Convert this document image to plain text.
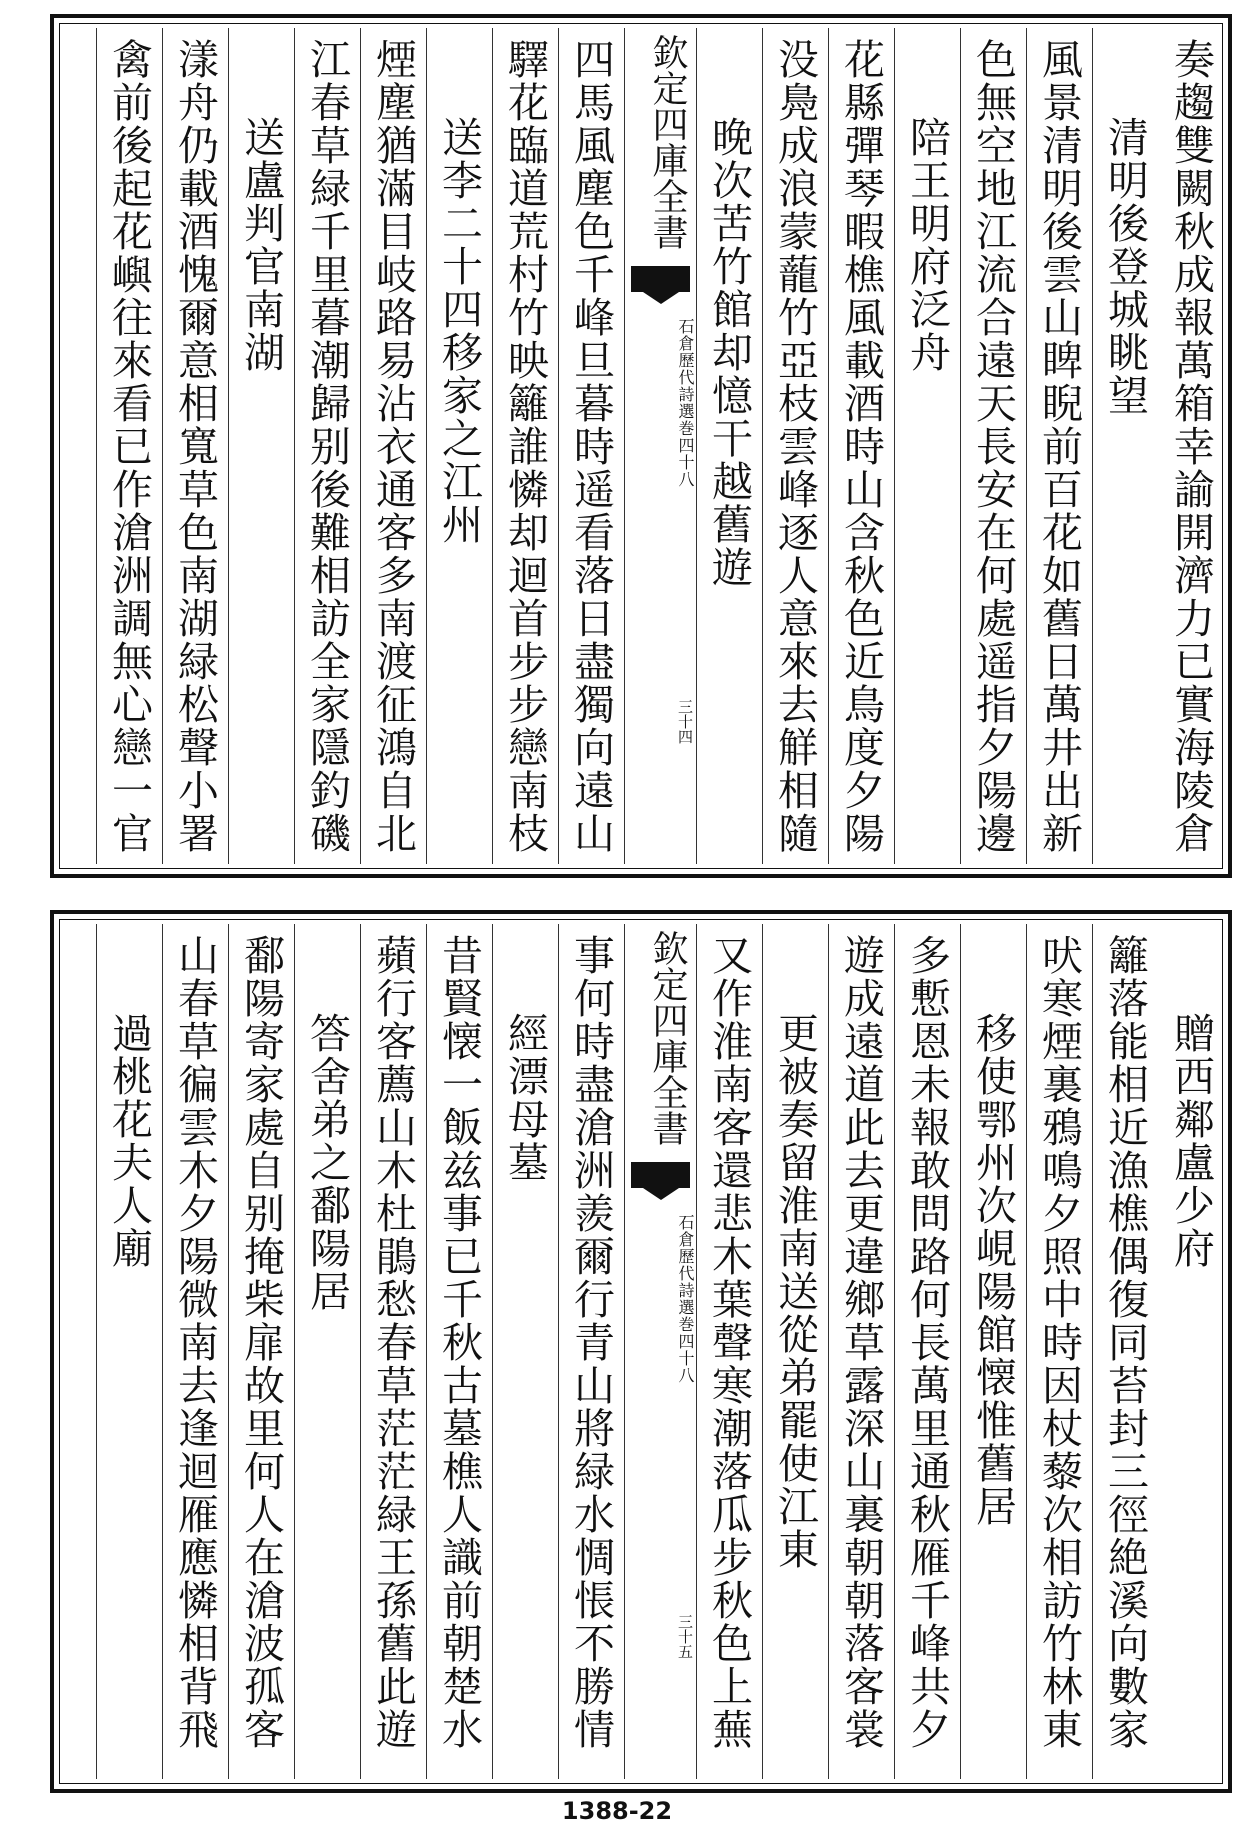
奏趨雙闕秋成報萬箱幸諭開濟力已實海陵倉
清明後登城眺望
風景清明後雲山睥睨前百花如舊日萬井出新
色無空地江流合遠天長安在何處遥指夕陽邊
陪王明府泛舟
花縣彈琴暇樵風載酒時山含秋色近鳥度夕陽
没鳧成浪蒙蘢竹亞枝雲峰逐人意來去觧相隨
晚次苦竹館却憶干越舊遊
欽定四庫全書
石倉歷代詩選
巻四十八
三十四
四馬風塵色千峰旦暮時遥看落日盡獨向遠山
驛花臨道荒村竹映籬誰憐却迴首步步戀南枝
送李二十四移家之江州
煙塵猶滿目岐路易沾衣通客多南渡征鴻自北
江春草緑千里暮潮歸别後難相訪全家隱釣磯
送盧判官南湖
漾舟仍載酒愧爾意相寬草色南湖緑松聲小署
禽前後起花嶼往來看已作滄洲調無心戀一官
贈西鄰盧少府
籬落能相近漁樵偶復同苔封三徑絶溪向數家
吠寒煙裏鴉鳴夕照中時因杖藜次相訪竹林東
移使鄂州次峴陽館懐惟舊居
多慙恩未報敢問路何長萬里通秋雁千峰共夕
遊成遠道此去更違鄉草露深山裏朝朝落客裳
更被奏留淮南送從弟罷使江東
又作淮南客還悲木葉聲寒潮落瓜步秋色上蕪
欽定四庫全書
石倉歷代詩選
巻四十八
三十五
事何時盡滄洲羨爾行青山將緑水惆悵不勝情
經漂母墓
昔賢懐一飯兹事已千秋古墓樵人識前朝楚水
蘋行客薦山木杜鵑愁春草茫茫緑王孫舊此遊
答舍弟之鄱陽居
鄱陽寄家處自别掩柴扉故里何人在滄波孤客
山春草徧雲木夕陽微南去逢迴雁應憐相背飛
過桃花夫人廟
1388-22
